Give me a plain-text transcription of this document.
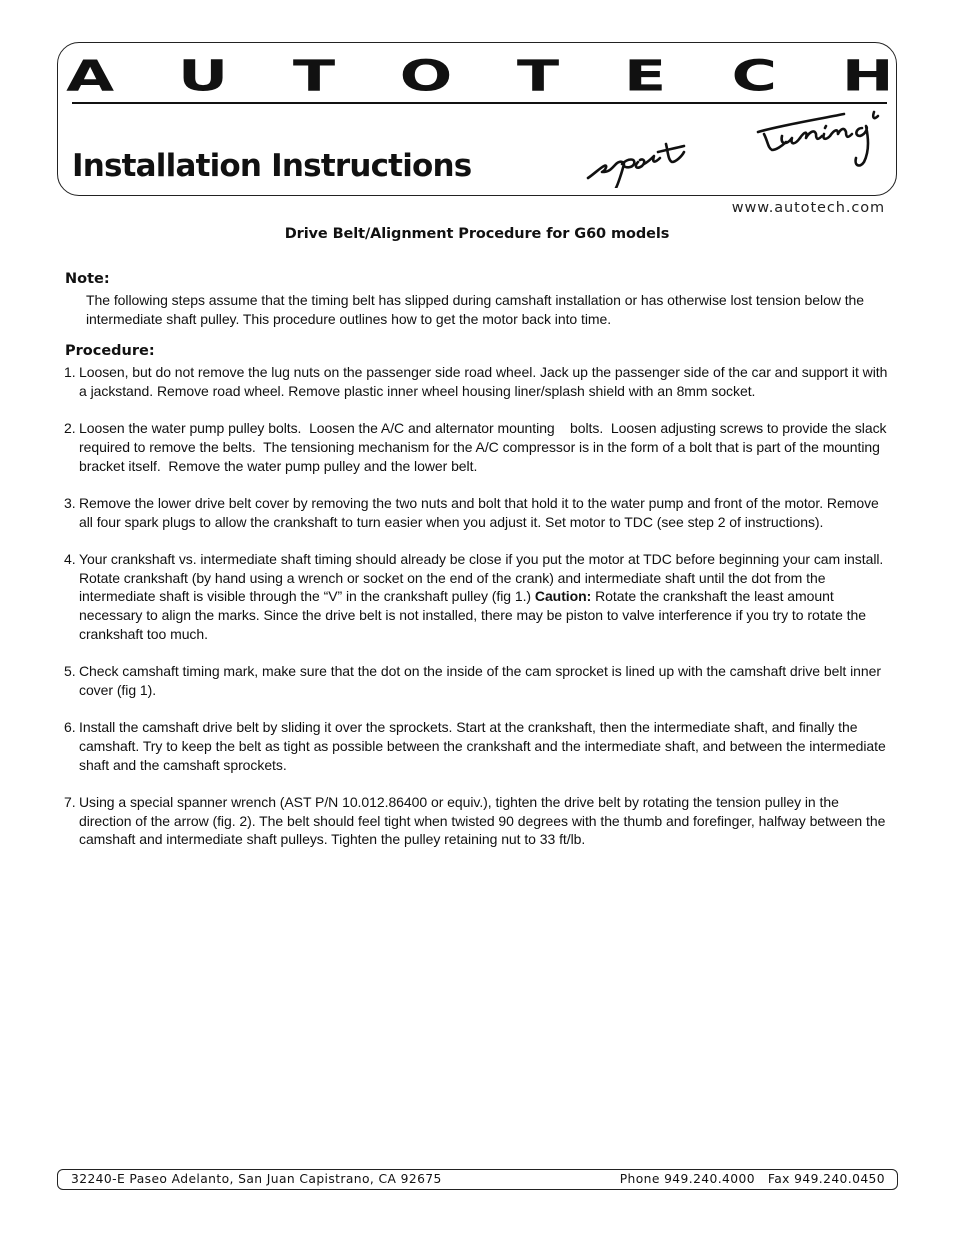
A U T O T E C H
Installation Instructions
www.autotech.com
Drive Belt/Alignment Procedure for G60 models
Note:
The following steps assume that the timing belt has slipped during camshaft installation or has otherwise lost tension below the intermediate shaft pulley. This procedure outlines how to get the motor back into time.
Procedure:
1. Loosen, but do not remove the lug nuts on the passenger side road wheel. Jack up the passenger side of the car and support it with a jackstand. Remove road wheel. Remove plastic inner wheel housing liner/splash shield with an 8mm socket.
2. Loosen the water pump pulley bolts.  Loosen the A/C and alternator mounting    bolts.  Loosen adjusting screws to provide the slack required to remove the belts.  The tensioning mechanism for the A/C compressor is in the form of a bolt that is part of the mounting bracket itself.  Remove the water pump pulley and the lower belt.
3. Remove the lower drive belt cover by removing the two nuts and bolt that hold it to the water pump and front of the motor. Remove all four spark plugs to allow the crankshaft to turn easier when you adjust it. Set motor to TDC (see step 2 of instructions).
4. Your crankshaft vs. intermediate shaft timing should already be close if you put the motor at TDC before beginning your cam install. Rotate crankshaft (by hand using a wrench or socket on the end of the crank) and intermediate shaft until the dot from the intermediate shaft is visible through the “V” in the crankshaft pulley (fig 1.) Caution: Rotate the crankshaft the least amount necessary to align the marks. Since the drive belt is not installed, there may be piston to valve interference if you try to rotate the crankshaft too much.
5. Check camshaft timing mark, make sure that the dot on the inside of the cam sprocket is lined up with the camshaft drive belt inner cover (fig 1).
6. Install the camshaft drive belt by sliding it over the sprockets. Start at the crankshaft, then the intermediate shaft, and finally the camshaft. Try to keep the belt as tight as possible between the crankshaft and the intermediate shaft, and between the intermediate shaft and the camshaft sprockets.
7. Using a special spanner wrench (AST P/N 10.012.86400 or equiv.), tighten the drive belt by rotating the tension pulley in the direction of the arrow (fig. 2). The belt should feel tight when twisted 90 degrees with the thumb and forefinger, halfway between the camshaft and intermediate shaft pulleys. Tighten the pulley retaining nut to 33 ft/lb.
32240-E Paseo Adelanto, San Juan Capistrano, CA 92675	Phone 949.240.4000   Fax 949.240.0450
